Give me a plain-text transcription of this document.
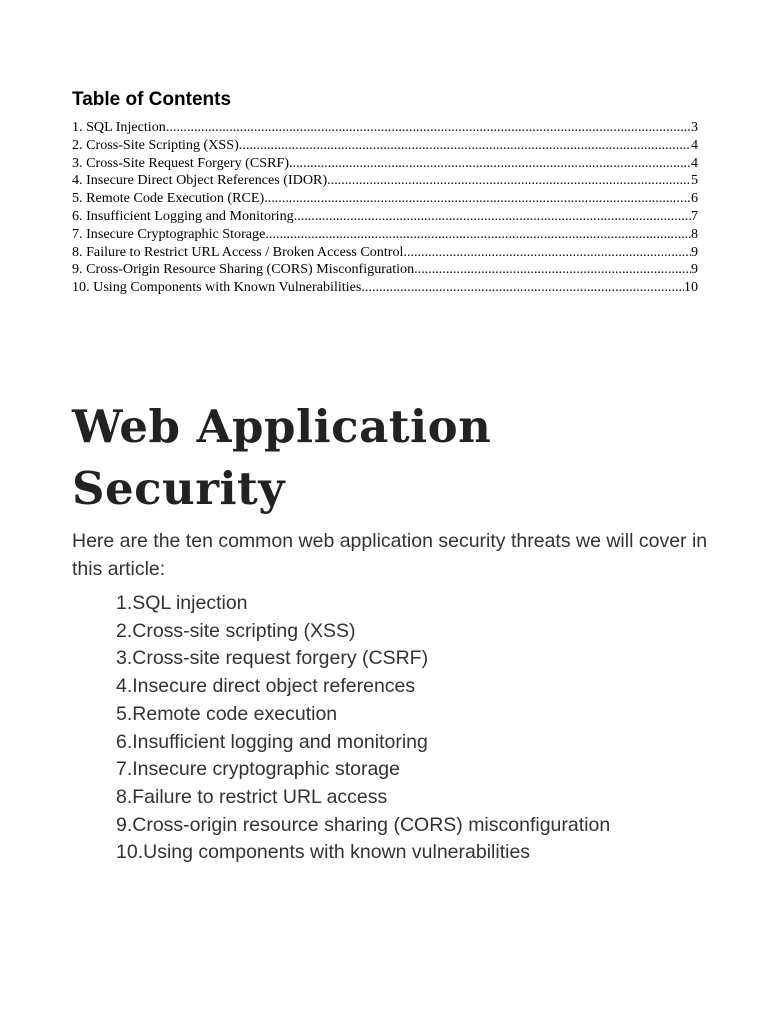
Table of Contents
1. SQL Injection .....	3
2. Cross-Site Scripting (XSS) .....	4
3. Cross-Site Request Forgery (CSRF) .....	4
4. Insecure Direct Object References (IDOR) .....	5
5. Remote Code Execution (RCE) .....	6
6. Insufficient Logging and Monitoring .....	7
7. Insecure Cryptographic Storage .....	8
8. Failure to Restrict URL Access / Broken Access Control .....	9
9. Cross-Origin Resource Sharing (CORS) Misconfiguration .....	9
10. Using Components with Known Vulnerabilities .....	10
Web Application
Security

Here are the ten common web application security threats we will cover in this article:

1.SQL injection
2.Cross-site scripting (XSS)
3.Cross-site request forgery (CSRF)
4.Insecure direct object references
5.Remote code execution
6.Insufficient logging and monitoring
7.Insecure cryptographic storage
8.Failure to restrict URL access
9.Cross-origin resource sharing (CORS) misconfiguration
10.Using components with known vulnerabilities
